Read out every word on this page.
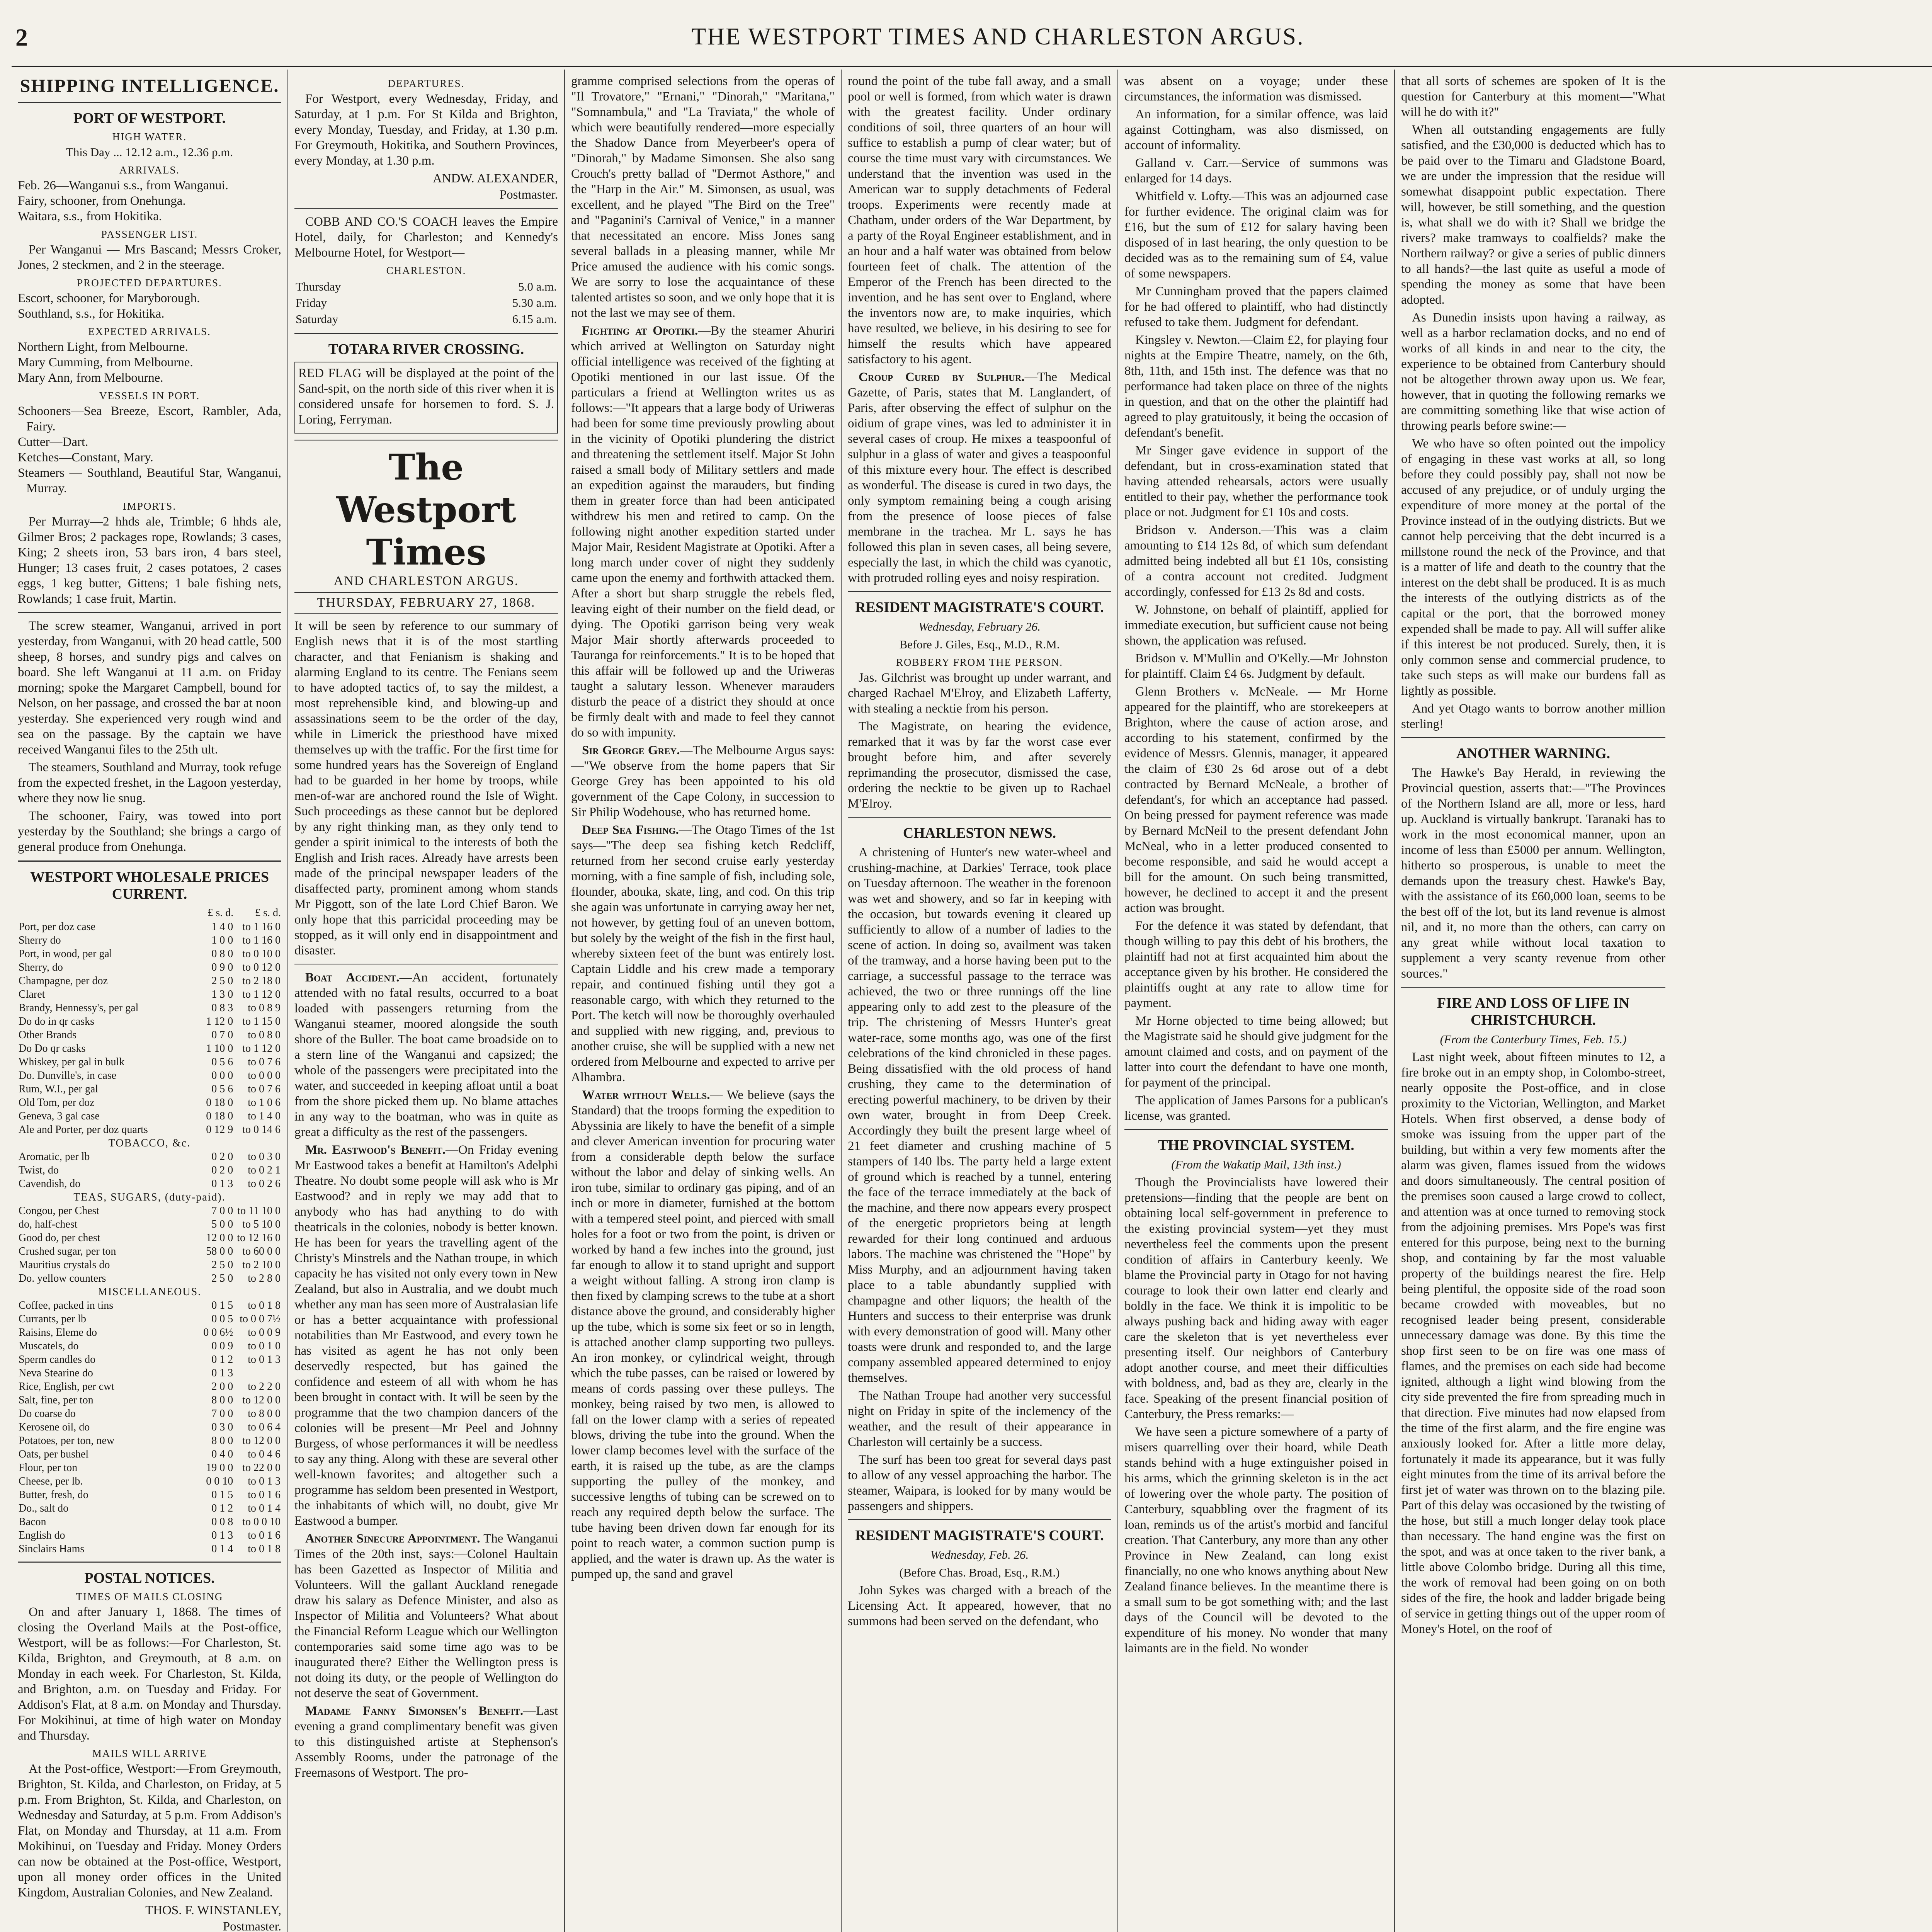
2	THE WESTPORT TIMES AND CHARLESTON ARGUS.
SHIPPING INTELLIGENCE.
PORT OF WESTPORT.
HIGH WATER.
This Day ... 12.12 a.m., 12.36 p.m.
ARRIVALS.
Feb. 26—Wanganui s.s., from Wanganui.
Fairy, schooner, from Onehunga.
Waitara, s.s., from Hokitika.
PASSENGER LIST.
Per Wanganui — Mrs Bascand; Messrs Croker, Jones, 2 steckmen, and 2 in the steerage.
PROJECTED DEPARTURES.
Escort, schooner, for Maryborough.
Southland, s.s., for Hokitika.
EXPECTED ARRIVALS.
Northern Light, from Melbourne.
Mary Cumming, from Melbourne.
Mary Ann, from Melbourne.
VESSELS IN PORT.
Schooners—Sea Breeze, Escort, Rambler, Ada, Fairy.
Cutter—Dart.
Ketches—Constant, Mary.
Steamers — Southland, Beautiful Star, Wanganui, Murray.
IMPORTS.
Per Murray—2 hhds ale, Trimble; 6 hhds ale, Gilmer Bros; 2 packages rope, Rowlands; 3 cases, King; 2 sheets iron, 53 bars iron, 4 bars steel, Hunger; 13 cases fruit, 2 cases potatoes, 2 cases eggs, 1 keg butter, Gittens; 1 bale fishing nets, Rowlands; 1 case fruit, Martin.
The screw steamer, Wanganui, arrived in port yesterday, from Wanganui, with 20 head cattle, 500 sheep, 8 horses, and sundry pigs and calves on board. She left Wanganui at 11 a.m. on Friday morning; spoke the Margaret Campbell, bound for Nelson, on her passage, and crossed the bar at noon yesterday. She experienced very rough wind and sea on the passage. By the captain we have received Wanganui files to the 25th ult.
The steamers, Southland and Murray, took refuge from the expected freshet, in the Lagoon yesterday, where they now lie snug.
The schooner, Fairy, was towed into port yesterday by the Southland; she brings a cargo of general produce from Onehunga.
WESTPORT WHOLESALE PRICES CURRENT.
	£ s. d.	£ s. d.
Port, per doz case	1 4 0	to 1 16 0
Sherry do	1 0 0	to 1 16 0
Port, in wood, per gal	0 8 0	to 0 10 0
Sherry, do	0 9 0	to 0 12 0
Champagne, per doz	2 5 0	to 2 18 0
Claret	1 3 0	to 1 12 0
Brandy, Hennessy's, per gal	0 8 3	to 0 8 9
Do do in qr casks	1 12 0	to 1 15 0
Other Brands	0 7 0	to 0 8 0
Do Do qr casks	1 10 0	to 1 12 0
Whiskey, per gal in bulk	0 5 6	to 0 7 6
Do. Dunville's, in case	0 0 0	to 0 0 0
Rum, W.I., per gal	0 5 6	to 0 7 6
Old Tom, per doz	0 18 0	to 1 0 6
Geneva, 3 gal case	0 18 0	to 1 4 0
Ale and Porter, per doz quarts	0 12 9	to 0 14 6
TOBACCO, &c.		
Aromatic, per lb	0 2 0	to 0 3 0
Twist, do	0 2 0	to 0 2 1
Cavendish, do	0 1 3	to 0 2 6
TEAS, SUGARS, (duty-paid).		
Congou, per Chest	7 0 0	to 11 10 0
do, half-chest	5 0 0	to 5 10 0
Good do, per chest	12 0 0	to 12 16 0
Crushed sugar, per ton	58 0 0	to 60 0 0
Mauritius crystals do	2 5 0	to 2 10 0
Do. yellow counters	2 5 0	to 2 8 0
MISCELLANEOUS.		
Coffee, packed in tins	0 1 5	to 0 1 8
Currants, per lb	0 0 5	to 0 0 7½
Raisins, Eleme do	0 0 6½	to 0 0 9
Muscatels, do	0 0 9	to 0 1 0
Sperm candles do	0 1 2	to 0 1 3
Neva Stearine do	0 1 3	
Rice, English, per cwt	2 0 0	to 2 2 0
Salt, fine, per ton	8 0 0	to 12 0 0
Do coarse do	7 0 0	to 8 0 0
Kerosene oil, do	0 3 0	to 0 6 4
Potatoes, per ton, new	8 0 0	to 12 0 0
Oats, per bushel	0 4 0	to 0 4 6
Flour, per ton	19 0 0	to 22 0 0
Cheese, per lb.	0 0 10	to 0 1 3
Butter, fresh, do	0 1 5	to 0 1 6
Do., salt do	0 1 2	to 0 1 4
Bacon	0 0 8	to 0 0 10
English do	0 1 3	to 0 1 6
Sinclairs Hams	0 1 4	to 0 1 8
POSTAL NOTICES.
TIMES OF MAILS CLOSING
On and after January 1, 1868. The times of closing the Overland Mails at the Post-office, Westport, will be as follows:—For Charleston, St. Kilda, Brighton, and Greymouth, at 8 a.m. on Monday in each week. For Charleston, St. Kilda, and Brighton, a.m. on Tuesday and Friday. For Addison's Flat, at 8 a.m. on Monday and Thursday. For Mokihinui, at time of high water on Monday and Thursday.
MAILS WILL ARRIVE
At the Post-office, Westport:—From Greymouth, Brighton, St. Kilda, and Charleston, on Friday, at 5 p.m. From Brighton, St. Kilda, and Charleston, on Wednesday and Saturday, at 5 p.m. From Addison's Flat, on Monday and Thursday, at 11 a.m. From Mokihinui, on Tuesday and Friday. Money Orders can now be obtained at the Post-office, Westport, upon all money order offices in the United Kingdom, Australian Colonies, and New Zealand.
THOS. F. WINSTANLEY,
Postmaster.
DEPARTURES.
For Westport, every Wednesday, Friday, and Saturday, at 1 p.m. For St Kilda and Brighton, every Monday, Tuesday, and Friday, at 1.30 p.m. For Greymouth, Hokitika, and Southern Provinces, every Monday, at 1.30 p.m.
ANDW. ALEXANDER,
Postmaster.
COBB AND CO.'S COACH leaves the Empire Hotel, daily, for Charleston; and Kennedy's Melbourne Hotel, for Westport—
CHARLESTON.
Thursday	5.0 a.m.
Friday	5.30 a.m.
Saturday	6.15 a.m.
TOTARA RIVER CROSSING.
RED FLAG will be displayed at the point of the Sand-spit, on the north side of this river when it is considered unsafe for horsemen to ford. S. J. Loring, Ferryman.
The Westport Times
AND CHARLESTON ARGUS.
THURSDAY, FEBRUARY 27, 1868.
It will be seen by reference to our summary of English news that it is of the most startling character, and that Fenianism is shaking and alarming England to its centre. The Fenians seem to have adopted tactics of, to say the mildest, a most reprehensible kind, and blowing-up and assassinations seem to be the order of the day, while in Limerick the priesthood have mixed themselves up with the traffic. For the first time for some hundred years has the Sovereign of England had to be guarded in her home by troops, while men-of-war are anchored round the Isle of Wight. Such proceedings as these cannot but be deplored by any right thinking man, as they only tend to gender a spirit inimical to the interests of both the English and Irish races. Already have arrests been made of the principal newspaper leaders of the disaffected party, prominent among whom stands Mr Piggott, son of the late Lord Chief Baron. We only hope that this parricidal proceeding may be stopped, as it will only end in disappointment and disaster.
Boat Accident.—An accident, fortunately attended with no fatal results, occurred to a boat loaded with passengers returning from the Wanganui steamer, moored alongside the south shore of the Buller. The boat came broadside on to a stern line of the Wanganui and capsized; the whole of the passengers were precipitated into the water, and succeeded in keeping afloat until a boat from the shore picked them up. No blame attaches in any way to the boatman, who was in quite as great a difficulty as the rest of the passengers.
Mr. Eastwood's Benefit.—On Friday evening Mr Eastwood takes a benefit at Hamilton's Adelphi Theatre. No doubt some people will ask who is Mr Eastwood? and in reply we may add that to anybody who has had anything to do with theatricals in the colonies, nobody is better known. He has been for years the travelling agent of the Christy's Minstrels and the Nathan troupe, in which capacity he has visited not only every town in New Zealand, but also in Australia, and we doubt much whether any man has seen more of Australasian life or has a better acquaintance with professional notabilities than Mr Eastwood, and every town he has visited as agent he has not only been deservedly respected, but has gained the confidence and esteem of all with whom he has been brought in contact with. It will be seen by the programme that the two champion dancers of the colonies will be present—Mr Peel and Johnny Burgess, of whose performances it will be needless to say any thing. Along with these are several other well-known favorites; and altogether such a programme has seldom been presented in Westport, the inhabitants of which will, no doubt, give Mr Eastwood a bumper.
Another Sinecure Appointment. The Wanganui Times of the 20th inst, says:—Colonel Haultain has been Gazetted as Inspector of Militia and Volunteers. Will the gallant Auckland renegade draw his salary as Defence Minister, and also as Inspector of Militia and Volunteers? What about the Financial Reform League which our Wellington contemporaries said some time ago was to be inaugurated there? Either the Wellington press is not doing its duty, or the people of Wellington do not deserve the seat of Government.
Madame Fanny Simonsen's Benefit.—Last evening a grand complimentary benefit was given to this distinguished artiste at Stephenson's Assembly Rooms, under the patronage of the Freemasons of Westport. The pro-
gramme comprised selections from the operas of "Il Trovatore," "Ernani," "Dinorah," "Maritana," "Somnambula," and "La Traviata," the whole of which were beautifully rendered—more especially the Shadow Dance from Meyerbeer's opera of "Dinorah," by Madame Simonsen. She also sang Crouch's pretty ballad of "Dermot Asthore," and the "Harp in the Air." M. Simonsen, as usual, was excellent, and he played "The Bird on the Tree" and "Paganini's Carnival of Venice," in a manner that necessitated an encore. Miss Jones sang several ballads in a pleasing manner, while Mr Price amused the audience with his comic songs. We are sorry to lose the acquaintance of these talented artistes so soon, and we only hope that it is not the last we may see of them.
Fighting at Opotiki.—By the steamer Ahuriri which arrived at Wellington on Saturday night official intelligence was received of the fighting at Opotiki mentioned in our last issue. Of the particulars a friend at Wellington writes us as follows:—"It appears that a large body of Uriweras had been for some time previously prowling about in the vicinity of Opotiki plundering the district and threatening the settlement itself. Major St John raised a small body of Military settlers and made an expedition against the marauders, but finding them in greater force than had been anticipated withdrew his men and retired to camp. On the following night another expedition started under Major Mair, Resident Magistrate at Opotiki. After a long march under cover of night they suddenly came upon the enemy and forthwith attacked them. After a short but sharp struggle the rebels fled, leaving eight of their number on the field dead, or dying. The Opotiki garrison being very weak Major Mair shortly afterwards proceeded to Tauranga for reinforcements." It is to be hoped that this affair will be followed up and the Uriweras taught a salutary lesson. Whenever marauders disturb the peace of a district they should at once be firmly dealt with and made to feel they cannot do so with impunity.
Sir George Grey.—The Melbourne Argus says:—"We observe from the home papers that Sir George Grey has been appointed to his old government of the Cape Colony, in succession to Sir Philip Wodehouse, who has returned home.
Deep Sea Fishing.—The Otago Times of the 1st says—"The deep sea fishing ketch Redcliff, returned from her second cruise early yesterday morning, with a fine sample of fish, including sole, flounder, abouka, skate, ling, and cod. On this trip she again was unfortunate in carrying away her net, not however, by getting foul of an uneven bottom, but solely by the weight of the fish in the first haul, whereby sixteen feet of the bunt was entirely lost. Captain Liddle and his crew made a temporary repair, and continued fishing until they got a reasonable cargo, with which they returned to the Port. The ketch will now be thoroughly overhauled and supplied with new rigging, and, previous to another cruise, she will be supplied with a new net ordered from Melbourne and expected to arrive per Alhambra.
Water without Wells.— We believe (says the Standard) that the troops forming the expedition to Abyssinia are likely to have the benefit of a simple and clever American invention for procuring water from a considerable depth below the surface without the labor and delay of sinking wells. An iron tube, similar to ordinary gas piping, and of an inch or more in diameter, furnished at the bottom with a tempered steel point, and pierced with small holes for a foot or two from the point, is driven or worked by hand a few inches into the ground, just far enough to allow it to stand upright and support a weight without falling. A strong iron clamp is then fixed by clamping screws to the tube at a short distance above the ground, and considerably higher up the tube, which is some six feet or so in length, is attached another clamp supporting two pulleys. An iron monkey, or cylindrical weight, through which the tube passes, can be raised or lowered by means of cords passing over these pulleys. The monkey, being raised by two men, is allowed to fall on the lower clamp with a series of repeated blows, driving the tube into the ground. When the lower clamp becomes level with the surface of the earth, it is raised up the tube, as are the clamps supporting the pulley of the monkey, and successive lengths of tubing can be screwed on to reach any required depth below the surface. The tube having been driven down far enough for its point to reach water, a common suction pump is applied, and the water is drawn up. As the water is pumped up, the sand and gravel
round the point of the tube fall away, and a small pool or well is formed, from which water is drawn with the greatest facility. Under ordinary conditions of soil, three quarters of an hour will suffice to establish a pump of clear water; but of course the time must vary with circumstances. We understand that the invention was used in the American war to supply detachments of Federal troops. Experiments were recently made at Chatham, under orders of the War Department, by a party of the Royal Engineer establishment, and in an hour and a half water was obtained from below fourteen feet of chalk. The attention of the Emperor of the French has been directed to the invention, and he has sent over to England, where the inventors now are, to make inquiries, which have resulted, we believe, in his desiring to see for himself the results which have appeared satisfactory to his agent.
Croup Cured by Sulphur.—The Medical Gazette, of Paris, states that M. Langlandert, of Paris, after observing the effect of sulphur on the oidium of grape vines, was led to administer it in several cases of croup. He mixes a teaspoonful of sulphur in a glass of water and gives a teaspoonful of this mixture every hour. The effect is described as wonderful. The disease is cured in two days, the only symptom remaining being a cough arising from the presence of loose pieces of false membrane in the trachea. Mr L. says he has followed this plan in seven cases, all being severe, especially the last, in which the child was cyanotic, with protruded rolling eyes and noisy respiration.
RESIDENT MAGISTRATE'S COURT.
Wednesday, February 26.
Before J. Giles, Esq., M.D., R.M.
ROBBERY FROM THE PERSON.
Jas. Gilchrist was brought up under warrant, and charged Rachael M'Elroy, and Elizabeth Lafferty, with stealing a necktie from his person.
The Magistrate, on hearing the evidence, remarked that it was by far the worst case ever brought before him, and after severely reprimanding the prosecutor, dismissed the case, ordering the necktie to be given up to Rachael M'Elroy.
CHARLESTON NEWS.
A christening of Hunter's new water-wheel and crushing-machine, at Darkies' Terrace, took place on Tuesday afternoon. The weather in the forenoon was wet and showery, and so far in keeping with the occasion, but towards evening it cleared up sufficiently to allow of a number of ladies to the scene of action. In doing so, availment was taken of the tramway, and a horse having been put to the carriage, a successful passage to the terrace was achieved, the two or three runnings off the line appearing only to add zest to the pleasure of the trip. The christening of Messrs Hunter's great water-race, some months ago, was one of the first celebrations of the kind chronicled in these pages. Being dissatisfied with the old process of hand crushing, they came to the determination of erecting powerful machinery, to be driven by their own water, brought in from Deep Creek. Accordingly they built the present large wheel of 21 feet diameter and crushing machine of 5 stampers of 140 lbs. The party held a large extent of ground which is reached by a tunnel, entering the face of the terrace immediately at the back of the machine, and there now appears every prospect of the energetic proprietors being at length rewarded for their long continued and arduous labors. The machine was christened the "Hope" by Miss Murphy, and an adjournment having taken place to a table abundantly supplied with champagne and other liquors; the health of the Hunters and success to their enterprise was drunk with every demonstration of good will. Many other toasts were drunk and responded to, and the large company assembled appeared determined to enjoy themselves.
The Nathan Troupe had another very successful night on Friday in spite of the inclemency of the weather, and the result of their appearance in Charleston will certainly be a success.
The surf has been too great for several days past to allow of any vessel approaching the harbor. The steamer, Waipara, is looked for by many would be passengers and shippers.
RESIDENT MAGISTRATE'S COURT.
Wednesday, Feb. 26.
(Before Chas. Broad, Esq., R.M.)
John Sykes was charged with a breach of the Licensing Act. It appeared, however, that no summons had been served on the defendant, who
was absent on a voyage; under these circumstances, the information was dismissed.
An information, for a similar offence, was laid against Cottingham, was also dismissed, on account of informality.
Galland v. Carr.—Service of summons was enlarged for 14 days.
Whitfield v. Lofty.—This was an adjourned case for further evidence. The original claim was for £16, but the sum of £12 for salary having been disposed of in last hearing, the only question to be decided was as to the remaining sum of £4, value of some newspapers.
Mr Cunningham proved that the papers claimed for he had offered to plaintiff, who had distinctly refused to take them. Judgment for defendant.
Kingsley v. Newton.—Claim £2, for playing four nights at the Empire Theatre, namely, on the 6th, 8th, 11th, and 15th inst. The defence was that no performance had taken place on three of the nights in question, and that on the other the plaintiff had agreed to play gratuitously, it being the occasion of defendant's benefit.
Mr Singer gave evidence in support of the defendant, but in cross-examination stated that having attended rehearsals, actors were usually entitled to their pay, whether the performance took place or not. Judgment for £1 10s and costs.
Bridson v. Anderson.—This was a claim amounting to £14 12s 8d, of which sum defendant admitted being indebted all but £1 10s, consisting of a contra account not credited. Judgment accordingly, confessed for £13 2s 8d and costs.
W. Johnstone, on behalf of plaintiff, applied for immediate execution, but sufficient cause not being shown, the application was refused.
Bridson v. M'Mullin and O'Kelly.—Mr Johnston for plaintiff. Claim £4 6s. Judgment by default.
Glenn Brothers v. McNeale. — Mr Horne appeared for the plaintiff, who are storekeepers at Brighton, where the cause of action arose, and according to his statement, confirmed by the evidence of Messrs. Glennis, manager, it appeared the claim of £30 2s 6d arose out of a debt contracted by Bernard McNeale, a brother of defendant's, for which an acceptance had passed. On being pressed for payment reference was made by Bernard McNeil to the present defendant John McNeal, who in a letter produced consented to become responsible, and said he would accept a bill for the amount. On such being transmitted, however, he declined to accept it and the present action was brought.
For the defence it was stated by defendant, that though willing to pay this debt of his brothers, the plaintiff had not at first acquainted him about the acceptance given by his brother. He considered the plaintiffs ought at any rate to allow time for payment.
Mr Horne objected to time being allowed; but the Magistrate said he should give judgment for the amount claimed and costs, and on payment of the latter into court the defendant to have one month, for payment of the principal.
The application of James Parsons for a publican's license, was granted.
THE PROVINCIAL SYSTEM.
(From the Wakatip Mail, 13th inst.)
Though the Provincialists have lowered their pretensions—finding that the people are bent on obtaining local self-government in preference to the existing provincial system—yet they must nevertheless feel the comments upon the present condition of affairs in Canterbury keenly. We blame the Provincial party in Otago for not having courage to look their own latter end clearly and boldly in the face. We think it is impolitic to be always pushing back and hiding away with eager care the skeleton that is yet nevertheless ever presenting itself. Our neighbors of Canterbury adopt another course, and meet their difficulties with boldness, and, bad as they are, clearly in the face. Speaking of the present financial position of Canterbury, the Press remarks:—
We have seen a picture somewhere of a party of misers quarrelling over their hoard, while Death stands behind with a huge extinguisher poised in his arms, which the grinning skeleton is in the act of lowering over the whole party. The position of Canterbury, squabbling over the fragment of its loan, reminds us of the artist's morbid and fanciful creation. That Canterbury, any more than any other Province in New Zealand, can long exist financially, no one who knows anything about New Zealand finance believes. In the meantime there is a small sum to be got something with; and the last days of the Council will be devoted to the expenditure of his money. No wonder that many laimants are in the field. No wonder
that all sorts of schemes are spoken of It is the question for Canterbury at this moment—"What will he do with it?"
When all outstanding engagements are fully satisfied, and the £30,000 is deducted which has to be paid over to the Timaru and Gladstone Board, we are under the impression that the residue will somewhat disappoint public expectation. There will, however, be still something, and the question is, what shall we do with it? Shall we bridge the rivers? make tramways to coalfields? make the Northern railway? or give a series of public dinners to all hands?—the last quite as useful a mode of spending the money as some that have been adopted.
As Dunedin insists upon having a railway, as well as a harbor reclamation docks, and no end of works of all kinds in and near to the city, the experience to be obtained from Canterbury should not be altogether thrown away upon us. We fear, however, that in quoting the following remarks we are committing something like that wise action of throwing pearls before swine:—
We who have so often pointed out the impolicy of engaging in these vast works at all, so long before they could possibly pay, shall not now be accused of any prejudice, or of unduly urging the expenditure of more money at the portal of the Province instead of in the outlying districts. But we cannot help perceiving that the debt incurred is a millstone round the neck of the Province, and that is a matter of life and death to the country that the interest on the debt shall be produced. It is as much the interests of the outlying districts as of the capital or the port, that the borrowed money expended shall be made to pay. All will suffer alike if this interest be not produced. Surely, then, it is only common sense and commercial prudence, to take such steps as will make our burdens fall as lightly as possible.
And yet Otago wants to borrow another million sterling!
ANOTHER WARNING.
The Hawke's Bay Herald, in reviewing the Provincial question, asserts that:—"The Provinces of the Northern Island are all, more or less, hard up. Auckland is virtually bankrupt. Taranaki has to work in the most economical manner, upon an income of less than £5000 per annum. Wellington, hitherto so prosperous, is unable to meet the demands upon the treasury chest. Hawke's Bay, with the assistance of its £60,000 loan, seems to be the best off of the lot, but its land revenue is almost nil, and it, no more than the others, can carry on any great while without local taxation to supplement a very scanty revenue from other sources."
FIRE AND LOSS OF LIFE IN CHRISTCHURCH.
(From the Canterbury Times, Feb. 15.)
Last night week, about fifteen minutes to 12, a fire broke out in an empty shop, in Colombo-street, nearly opposite the Post-office, and in close proximity to the Victorian, Wellington, and Market Hotels. When first observed, a dense body of smoke was issuing from the upper part of the building, but within a very few moments after the alarm was given, flames issued from the widows and doors simultaneously. The central position of the premises soon caused a large crowd to collect, and attention was at once turned to removing stock from the adjoining premises. Mrs Pope's was first entered for this purpose, being next to the burning shop, and containing by far the most valuable property of the buildings nearest the fire. Help being plentiful, the opposite side of the road soon became crowded with moveables, but no recognised leader being present, considerable unnecessary damage was done. By this time the shop first seen to be on fire was one mass of flames, and the premises on each side had become ignited, although a light wind blowing from the city side prevented the fire from spreading much in that direction. Five minutes had now elapsed from the time of the first alarm, and the fire engine was anxiously looked for. After a little more delay, fortunately it made its appearance, but it was fully eight minutes from the time of its arrival before the first jet of water was thrown on to the blazing pile. Part of this delay was occasioned by the twisting of the hose, but still a much longer delay took place than necessary. The hand engine was the first on the spot, and was at once taken to the river bank, a little above Colombo bridge. During all this time, the work of removal had been going on on both sides of the fire, the hook and ladder brigade being of service in getting things out of the upper room of Money's Hotel, on the roof of
